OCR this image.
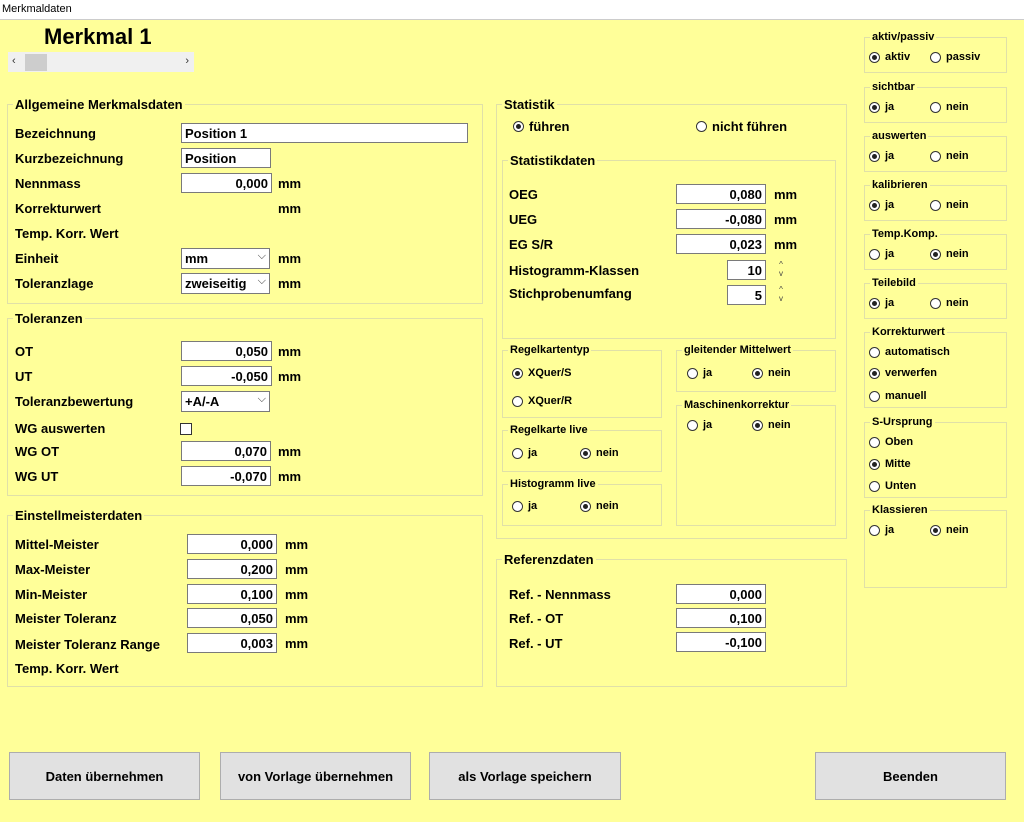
Merkmaldaten
Merkmal 1
‹	›
Allgemeine Merkmalsdaten
Bezeichnung	Position 1
Kurzbezeichnung	Position
Nennmass	0,000 mm
Korrekturwert	mm
Temp. Korr. Wert
Einheit	mm	⌵ mm
Toleranzlage	zweiseitig ⌵ mm
Toleranzen
OT	0,050 mm
UT	-0,050 mm
Toleranzbewertung	+A/-A	⌵
WG auswerten
WG OT	0,070 mm
WG UT	-0,070 mm
Einstellmeisterdaten
Mittel-Meister	0,000 mm
Max-Meister	0,200 mm
Min-Meister	0,100 mm
Meister Toleranz	0,050 mm
Meister Toleranz Range	0,003 mm
Temp. Korr. Wert
Statistik
führen	nicht führen
Statistikdaten
OEG	0,080 mm
UEG	-0,080 mm
EG S/R	0,023 mm
Histogramm-Klassen	10	^
v
Stichprobenumfang	5	^
v
Regelkartentyp
XQuer/S
XQuer/R
Regelkarte live
ja	nein
Histogramm live
ja	nein
gleitender Mittelwert
ja	nein
Maschinenkorrektur
ja	nein
Referenzdaten
Ref. - Nennmass	0,000
Ref. - OT	0,100
Ref. - UT	-0,100
aktiv/passiv
aktiv	passiv
sichtbar
ja	nein
auswerten
ja	nein
kalibrieren
ja	nein
Temp.Komp.
ja	nein
Teilebild
ja	nein
Korrekturwert
automatisch
verwerfen
manuell
S-Ursprung
Oben
Mitte
Unten
Klassieren
ja	nein
Daten übernehmen	von Vorlage übernehmen	als Vorlage speichern	Beenden
